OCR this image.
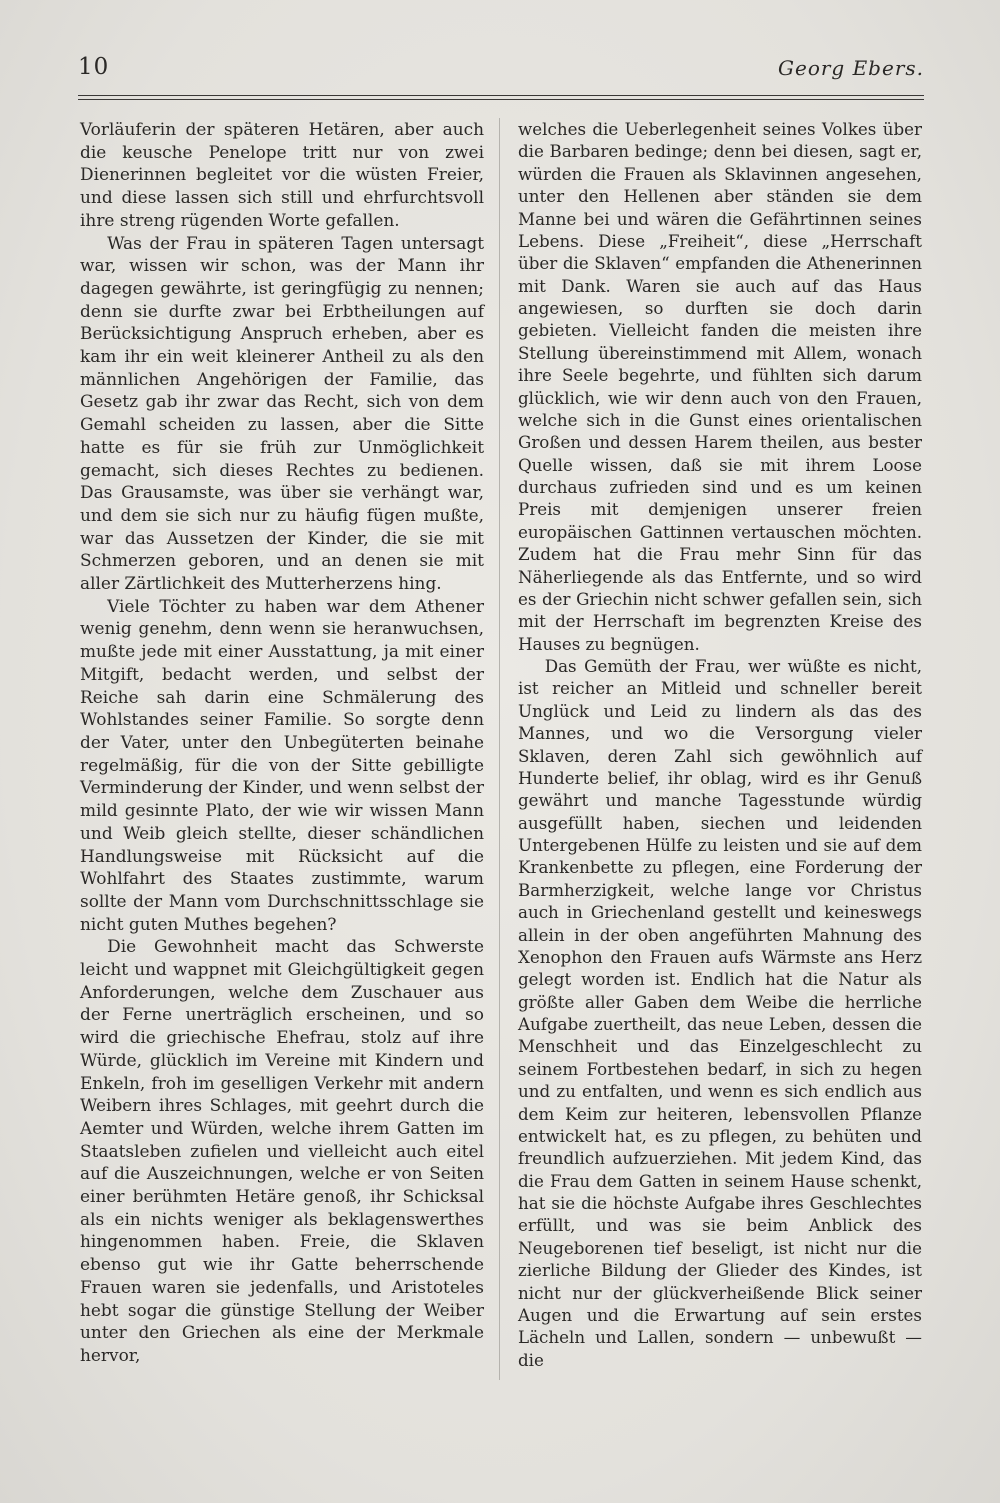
10	Georg Ebers.

Vorläuferin der späteren Hetären, aber auch die keusche Penelope tritt nur von zwei Dienerinnen begleitet vor die wüsten Freier, und diese lassen sich still und ehrfurchtsvoll ihre streng rügenden Worte gefallen.

Was der Frau in späteren Tagen untersagt war, wissen wir schon, was der Mann ihr dagegen gewährte, ist geringfügig zu nennen; denn sie durfte zwar bei Erbtheilungen auf Berücksichtigung Anspruch erheben, aber es kam ihr ein weit kleinerer Antheil zu als den männlichen Angehörigen der Familie, das Gesetz gab ihr zwar das Recht, sich von dem Gemahl scheiden zu lassen, aber die Sitte hatte es für sie früh zur Unmöglichkeit gemacht, sich dieses Rechtes zu bedienen. Das Grausamste, was über sie verhängt war, und dem sie sich nur zu häufig fügen mußte, war das Aussetzen der Kinder, die sie mit Schmerzen geboren, und an denen sie mit aller Zärtlichkeit des Mutterherzens hing.

Viele Töchter zu haben war dem Athener wenig genehm, denn wenn sie heranwuchsen, mußte jede mit einer Ausstattung, ja mit einer Mitgift, bedacht werden, und selbst der Reiche sah darin eine Schmälerung des Wohlstandes seiner Familie. So sorgte denn der Vater, unter den Unbegüterten beinahe regelmäßig, für die von der Sitte gebilligte Verminderung der Kinder, und wenn selbst der mild gesinnte Plato, der wie wir wissen Mann und Weib gleich stellte, dieser schändlichen Handlungsweise mit Rücksicht auf die Wohlfahrt des Staates zustimmte, warum sollte der Mann vom Durchschnittsschlage sie nicht guten Muthes begehen?

Die Gewohnheit macht das Schwerste leicht und wappnet mit Gleichgültigkeit gegen Anforderungen, welche dem Zuschauer aus der Ferne unerträglich erscheinen, und so wird die griechische Ehefrau, stolz auf ihre Würde, glücklich im Vereine mit Kindern und Enkeln, froh im geselligen Verkehr mit andern Weibern ihres Schlages, mit geehrt durch die Aemter und Würden, welche ihrem Gatten im Staatsleben zufielen und vielleicht auch eitel auf die Auszeichnungen, welche er von Seiten einer berühmten Hetäre genoß, ihr Schicksal als ein nichts weniger als beklagenswerthes hingenommen haben. Freie, die Sklaven ebenso gut wie ihr Gatte beherrschende Frauen waren sie jedenfalls, und Aristoteles hebt sogar die günstige Stellung der Weiber unter den Griechen als eine der Merkmale hervor,

welches die Ueberlegenheit seines Volkes über die Barbaren bedinge; denn bei diesen, sagt er, würden die Frauen als Sklavinnen angesehen, unter den Hellenen aber ständen sie dem Manne bei und wären die Gefährtinnen seines Lebens. Diese „Freiheit“, diese „Herrschaft über die Sklaven“ empfanden die Athenerinnen mit Dank. Waren sie auch auf das Haus angewiesen, so durften sie doch darin gebieten. Vielleicht fanden die meisten ihre Stellung übereinstimmend mit Allem, wonach ihre Seele begehrte, und fühlten sich darum glücklich, wie wir denn auch von den Frauen, welche sich in die Gunst eines orientalischen Großen und dessen Harem theilen, aus bester Quelle wissen, daß sie mit ihrem Loose durchaus zufrieden sind und es um keinen Preis mit demjenigen unserer freien europäischen Gattinnen vertauschen möchten. Zudem hat die Frau mehr Sinn für das Näherliegende als das Entfernte, und so wird es der Griechin nicht schwer gefallen sein, sich mit der Herrschaft im begrenzten Kreise des Hauses zu begnügen.

Das Gemüth der Frau, wer wüßte es nicht, ist reicher an Mitleid und schneller bereit Unglück und Leid zu lindern als das des Mannes, und wo die Versorgung vieler Sklaven, deren Zahl sich gewöhnlich auf Hunderte belief, ihr oblag, wird es ihr Genuß gewährt und manche Tagesstunde würdig ausgefüllt haben, siechen und leidenden Untergebenen Hülfe zu leisten und sie auf dem Krankenbette zu pflegen, eine Forderung der Barmherzigkeit, welche lange vor Christus auch in Griechenland gestellt und keineswegs allein in der oben angeführten Mahnung des Xenophon den Frauen aufs Wärmste ans Herz gelegt worden ist. Endlich hat die Natur als größte aller Gaben dem Weibe die herrliche Aufgabe zuertheilt, das neue Leben, dessen die Menschheit und das Einzelgeschlecht zu seinem Fortbestehen bedarf, in sich zu hegen und zu entfalten, und wenn es sich endlich aus dem Keim zur heiteren, lebensvollen Pflanze entwickelt hat, es zu pflegen, zu behüten und freundlich aufzuerziehen. Mit jedem Kind, das die Frau dem Gatten in seinem Hause schenkt, hat sie die höchste Aufgabe ihres Geschlechtes erfüllt, und was sie beim Anblick des Neugeborenen tief beseligt, ist nicht nur die zierliche Bildung der Glieder des Kindes, ist nicht nur der glückverheißende Blick seiner Augen und die Erwartung auf sein erstes Lächeln und Lallen, sondern — unbewußt — die
